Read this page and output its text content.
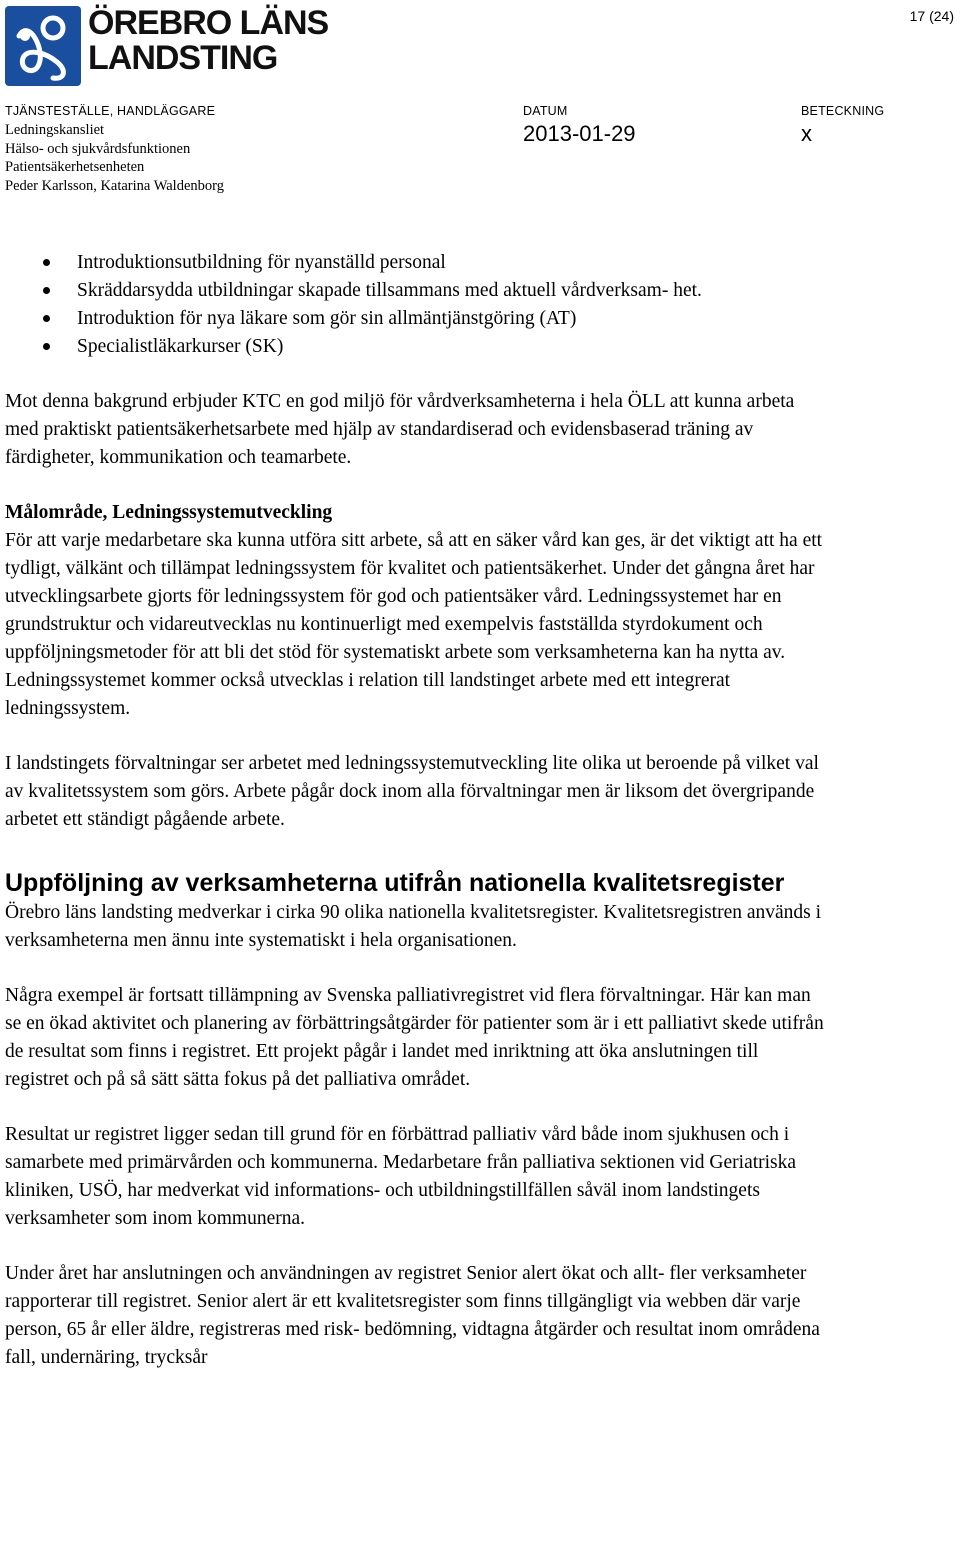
ÖREBRO LÄNS
LANDSTING
17 (24)
TJÄNSTESTÄLLE, HANDLÄGGARE
Ledningskansliet
Hälso- och sjukvårdsfunktionen
Patientsäkerhetsenheten
Peder Karlsson, Katarina Waldenborg
DATUM
2013-01-29
BETECKNING
x
Introduktionsutbildning för nyanställd personal
Skräddarsydda utbildningar skapade tillsammans med aktuell vårdverksam- het.
Introduktion för nya läkare som gör sin allmäntjänstgöring (AT)
Specialistläkarkurser (SK)

Mot denna bakgrund erbjuder KTC en god miljö för vårdverksamheterna i hela ÖLL att kunna arbeta med praktiskt patientsäkerhetsarbete med hjälp av standardiserad och evidensbaserad träning av färdigheter, kommunikation och teamarbete.

Målområde, Ledningssystemutveckling

För att varje medarbetare ska kunna utföra sitt arbete, så att en säker vård kan ges, är det viktigt att ha ett tydligt, välkänt och tillämpat ledningssystem för kvalitet och patientsäkerhet. Under det gångna året har utvecklingsarbete gjorts för ledningssystem för god och patientsäker vård. Ledningssystemet har en grundstruktur och vidareutvecklas nu kontinuerligt med exempelvis fastställda styrdokument och uppföljningsmetoder för att bli det stöd för systematiskt arbete som verksamheterna kan ha nytta av. Ledningssystemet kommer också utvecklas i relation till landstinget arbete med ett integrerat ledningssystem.

I landstingets förvaltningar ser arbetet med ledningssystemutveckling lite olika ut beroende på vilket val av kvalitetssystem som görs. Arbete pågår dock inom alla förvaltningar men är liksom det övergripande arbetet ett ständigt pågående arbete.

Uppföljning av verksamheterna utifrån nationella kvalitetsregister

Örebro läns landsting medverkar i cirka 90 olika nationella kvalitetsregister. Kvalitetsregistren används i verksamheterna men ännu inte systematiskt i hela organisationen.

Några exempel är fortsatt tillämpning av Svenska palliativregistret vid flera förvaltningar. Här kan man se en ökad aktivitet och planering av förbättringsåtgärder för patienter som är i ett palliativt skede utifrån de resultat som finns i registret. Ett projekt pågår i landet med inriktning att öka anslutningen till registret och på så sätt sätta fokus på det palliativa området.

Resultat ur registret ligger sedan till grund för en förbättrad palliativ vård både inom sjukhusen och i samarbete med primärvården och kommunerna. Medarbetare från palliativa sektionen vid Geriatriska kliniken, USÖ, har medverkat vid informations- och utbildningstillfällen såväl inom landstingets verksamheter som inom kommunerna.

Under året har anslutningen och användningen av registret Senior alert ökat och allt- fler verksamheter rapporterar till registret. Senior alert är ett kvalitetsregister som finns tillgängligt via webben där varje person, 65 år eller äldre, registreras med risk- bedömning, vidtagna åtgärder och resultat inom områdena fall, undernäring, trycksår
